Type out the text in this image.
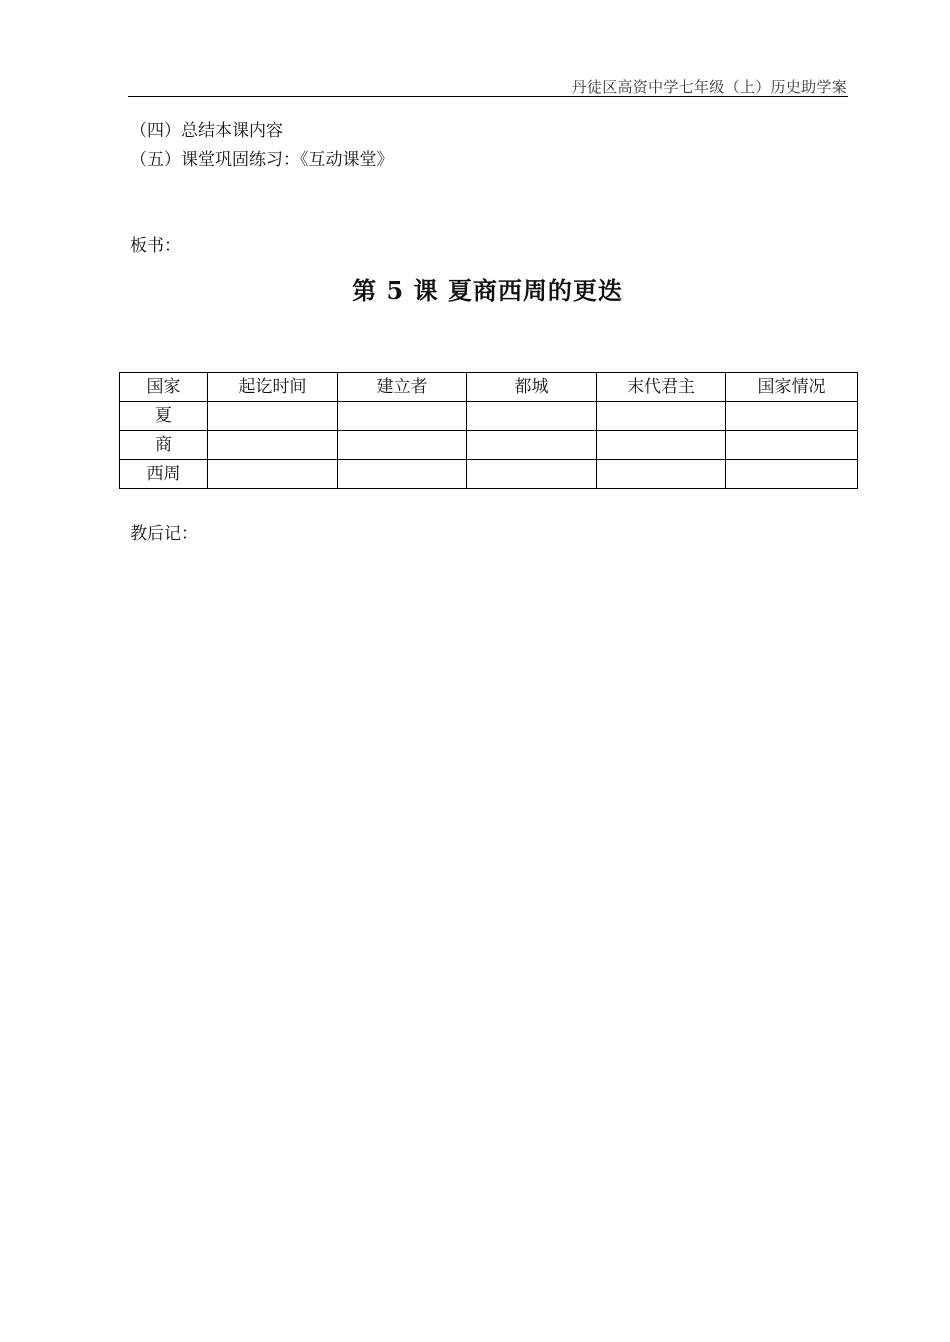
丹徒区高资中学七年级（上）历史助学案
（四）总结本课内容
（五）课堂巩固练习：《互动课堂》
板书：
第 5 课 夏商西周的更迭
国家	起讫时间	建立者	都城	末代君主	国家情况
夏					
商					
西周					
教后记：
